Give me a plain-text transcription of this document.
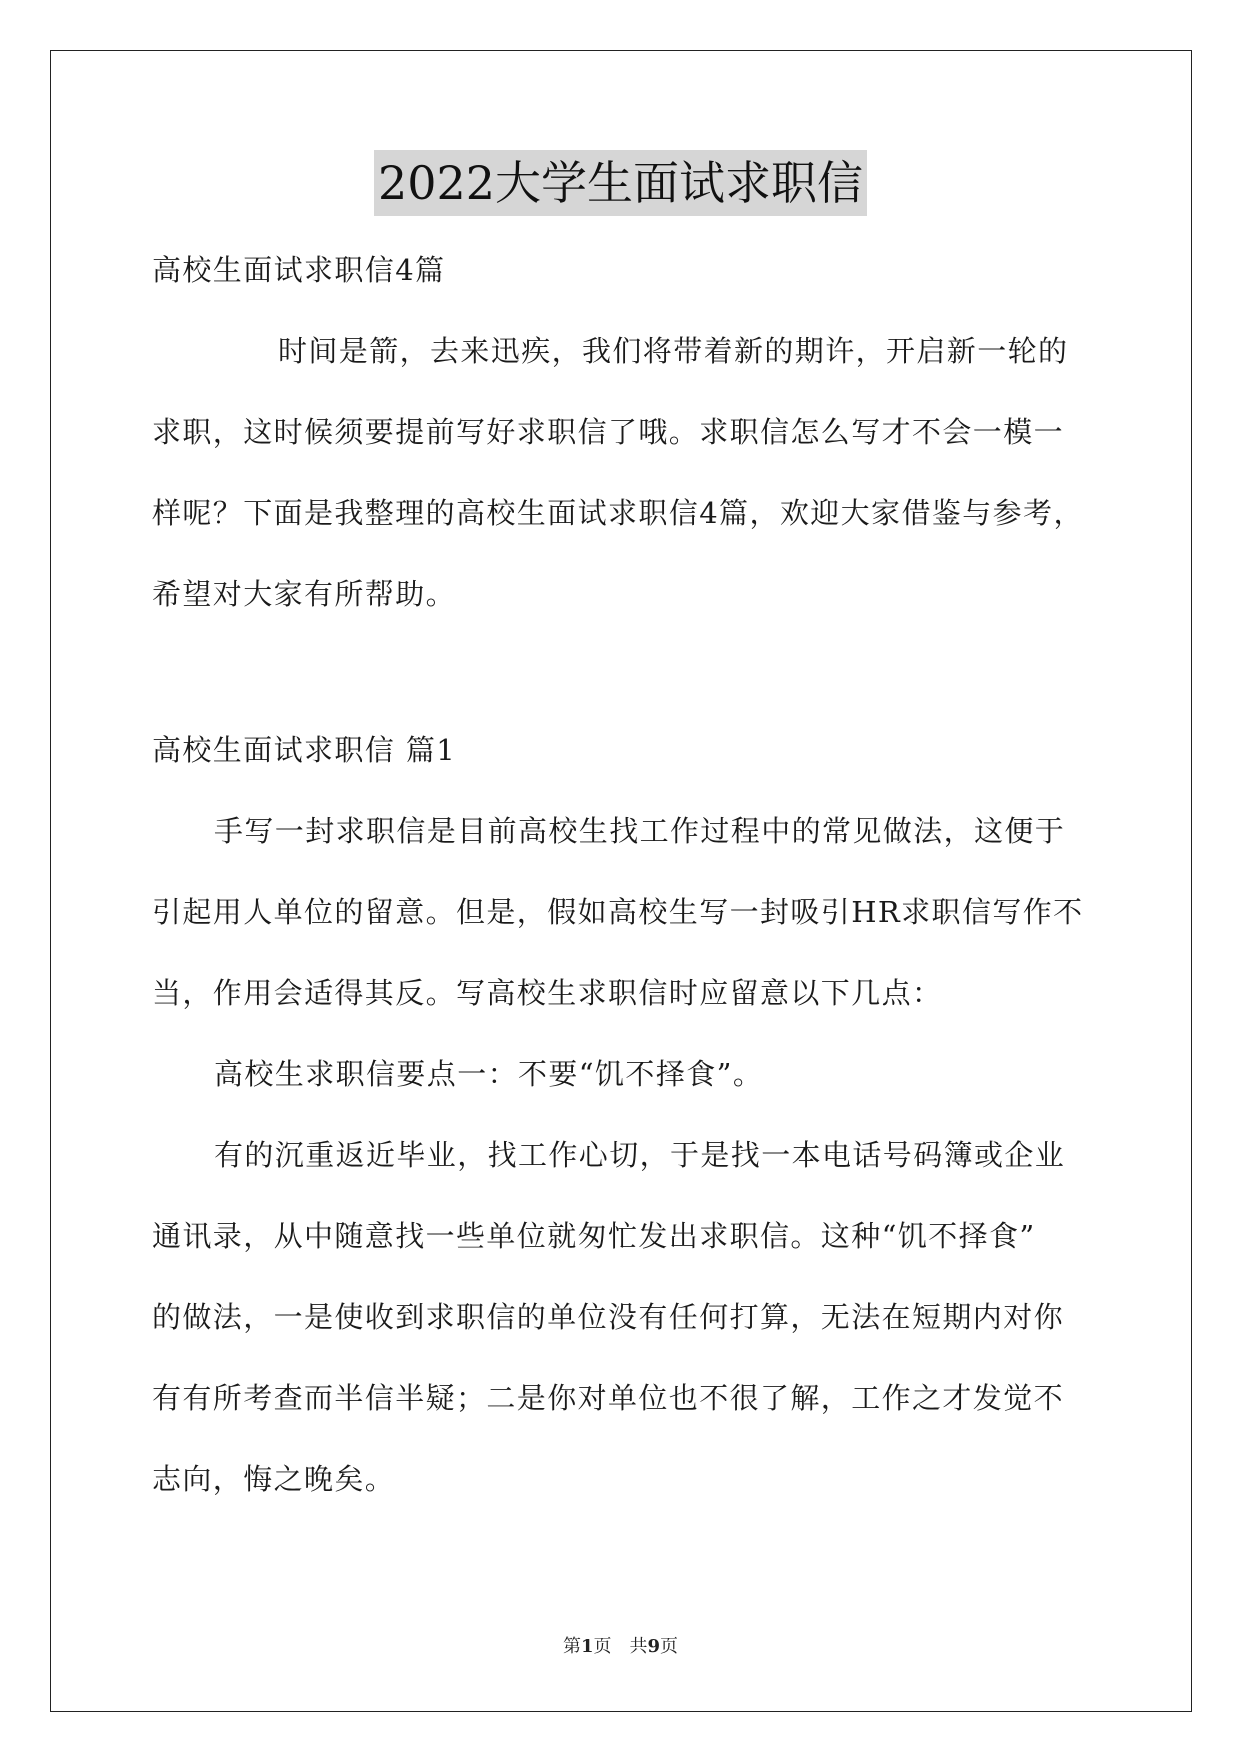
2022大学生面试求职信

高校生面试求职信4篇

时间是箭，去来迅疾，我们将带着新的期许，开启新一轮的

求职，这时候须要提前写好求职信了哦。求职信怎么写才不会一模一

样呢？下面是我整理的高校生面试求职信4篇，欢迎大家借鉴与参考，

希望对大家有所帮助。

高校生面试求职信 篇1

手写一封求职信是目前高校生找工作过程中的常见做法，这便于

引起用人单位的留意。但是，假如高校生写一封吸引HR求职信写作不

当，作用会适得其反。写高校生求职信时应留意以下几点：

高校生求职信要点一：不要“饥不择食”。

有的沉重返近毕业，找工作心切，于是找一本电话号码簿或企业

通讯录，从中随意找一些单位就匆忙发出求职信。这种“饥不择食”

的做法，一是使收到求职信的单位没有任何打算，无法在短期内对你

有有所考查而半信半疑；二是你对单位也不很了解，工作之才发觉不

志向，悔之晚矣。

第1页　共9页
